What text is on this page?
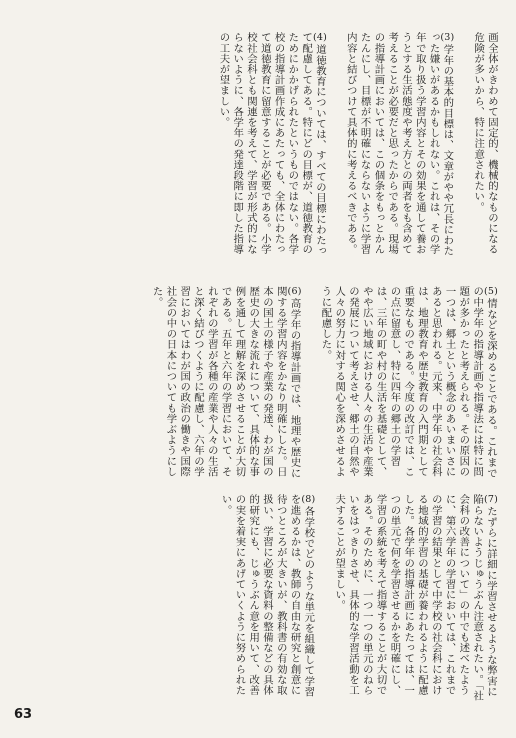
画全体がきわめて固定的、機械的なものになる危険が多いから、特に注意されたい。
(3)学年の基本的目標は、文章がやや冗長にわたった嫌いがあるかもしれない。これは、その学年で取り扱う学習内容とその効果を通して養おうとする生活態度や考え方との両者をも含めて考えることが必要だと思ったからである。現場の指導計画においては、この個条をもっとかんたんにし、目標が不明確にならないように学習内容と結びつけて具体的に考えるべきである。
(4)道徳教育については、すべての目標にわたって配慮してある。特にどの目標が、道徳教育のためにかかげられたというものではない。各学校の指導計画作成にあたっても、全体にわたって道徳教育に留意することが必要である。小学校社会科とも関連を考えて、学習が形式的にならないように、各学年の発達段階に即した指導の工夫が望ましい。
(5)情などを深めることである。これまでの中学年の指導計画や指導法には特に問題が多かったと考えられる。その原因の一つは、郷土という概念のあいまいさにあると思われる。元来、中学年の社会科は、地理教育や歴史教育の入門期として重要なものである。今度の改訂では、この点に留意し、特に四年の郷土の学習は、三年の町や村の生活を基礎として、やや広い地域における人々の生活や産業の発展について考えさせ、郷土の自然や人々の努力に対する関心を深めさせるように配慮した。
(6)高学年の指導計画では、地理や歴史に関する学習内容をかなり明確にした。日本の国土の様子や産業の発達、わが国の歴史の大きな流れについて、具体的な事例を通して理解を深めさせることが大切である。五年と六年の学習において、それぞれの学習が各種の産業や人々の生活と深く結びつくように配慮し、六年の学習においてはわが国の政治の働きや国際社会の中の日本についても学ぶようにした。
(7)たずらに詳細に学習させるような弊害に陥らないようじゅうぶん注意されたい。「社会科の改善について」の中でも述べたように、第六学年の学習においては、これまでの学習の結果として中学校の社会科における地域的学習の基礎が養われるように配慮した。各学年の指導計画にあたっては、一つの単元で何を学習させるかを明確にし、学習の系統を考えて指導することが大切である。そのために、一つ一つの単元のねらいをはっきりさせ、具体的な学習活動を工夫することが望ましい。
(8)各学校でどのような単元を組織して学習を進めるかは、教師の自由な研究と創意に待つところが大きいが、教科書の有効な取扱い、学習に必要な資料の整備などの具体的研究にも、じゅうぶん意を用いて、改善の実を着実にあげていくように努められたい。
63
